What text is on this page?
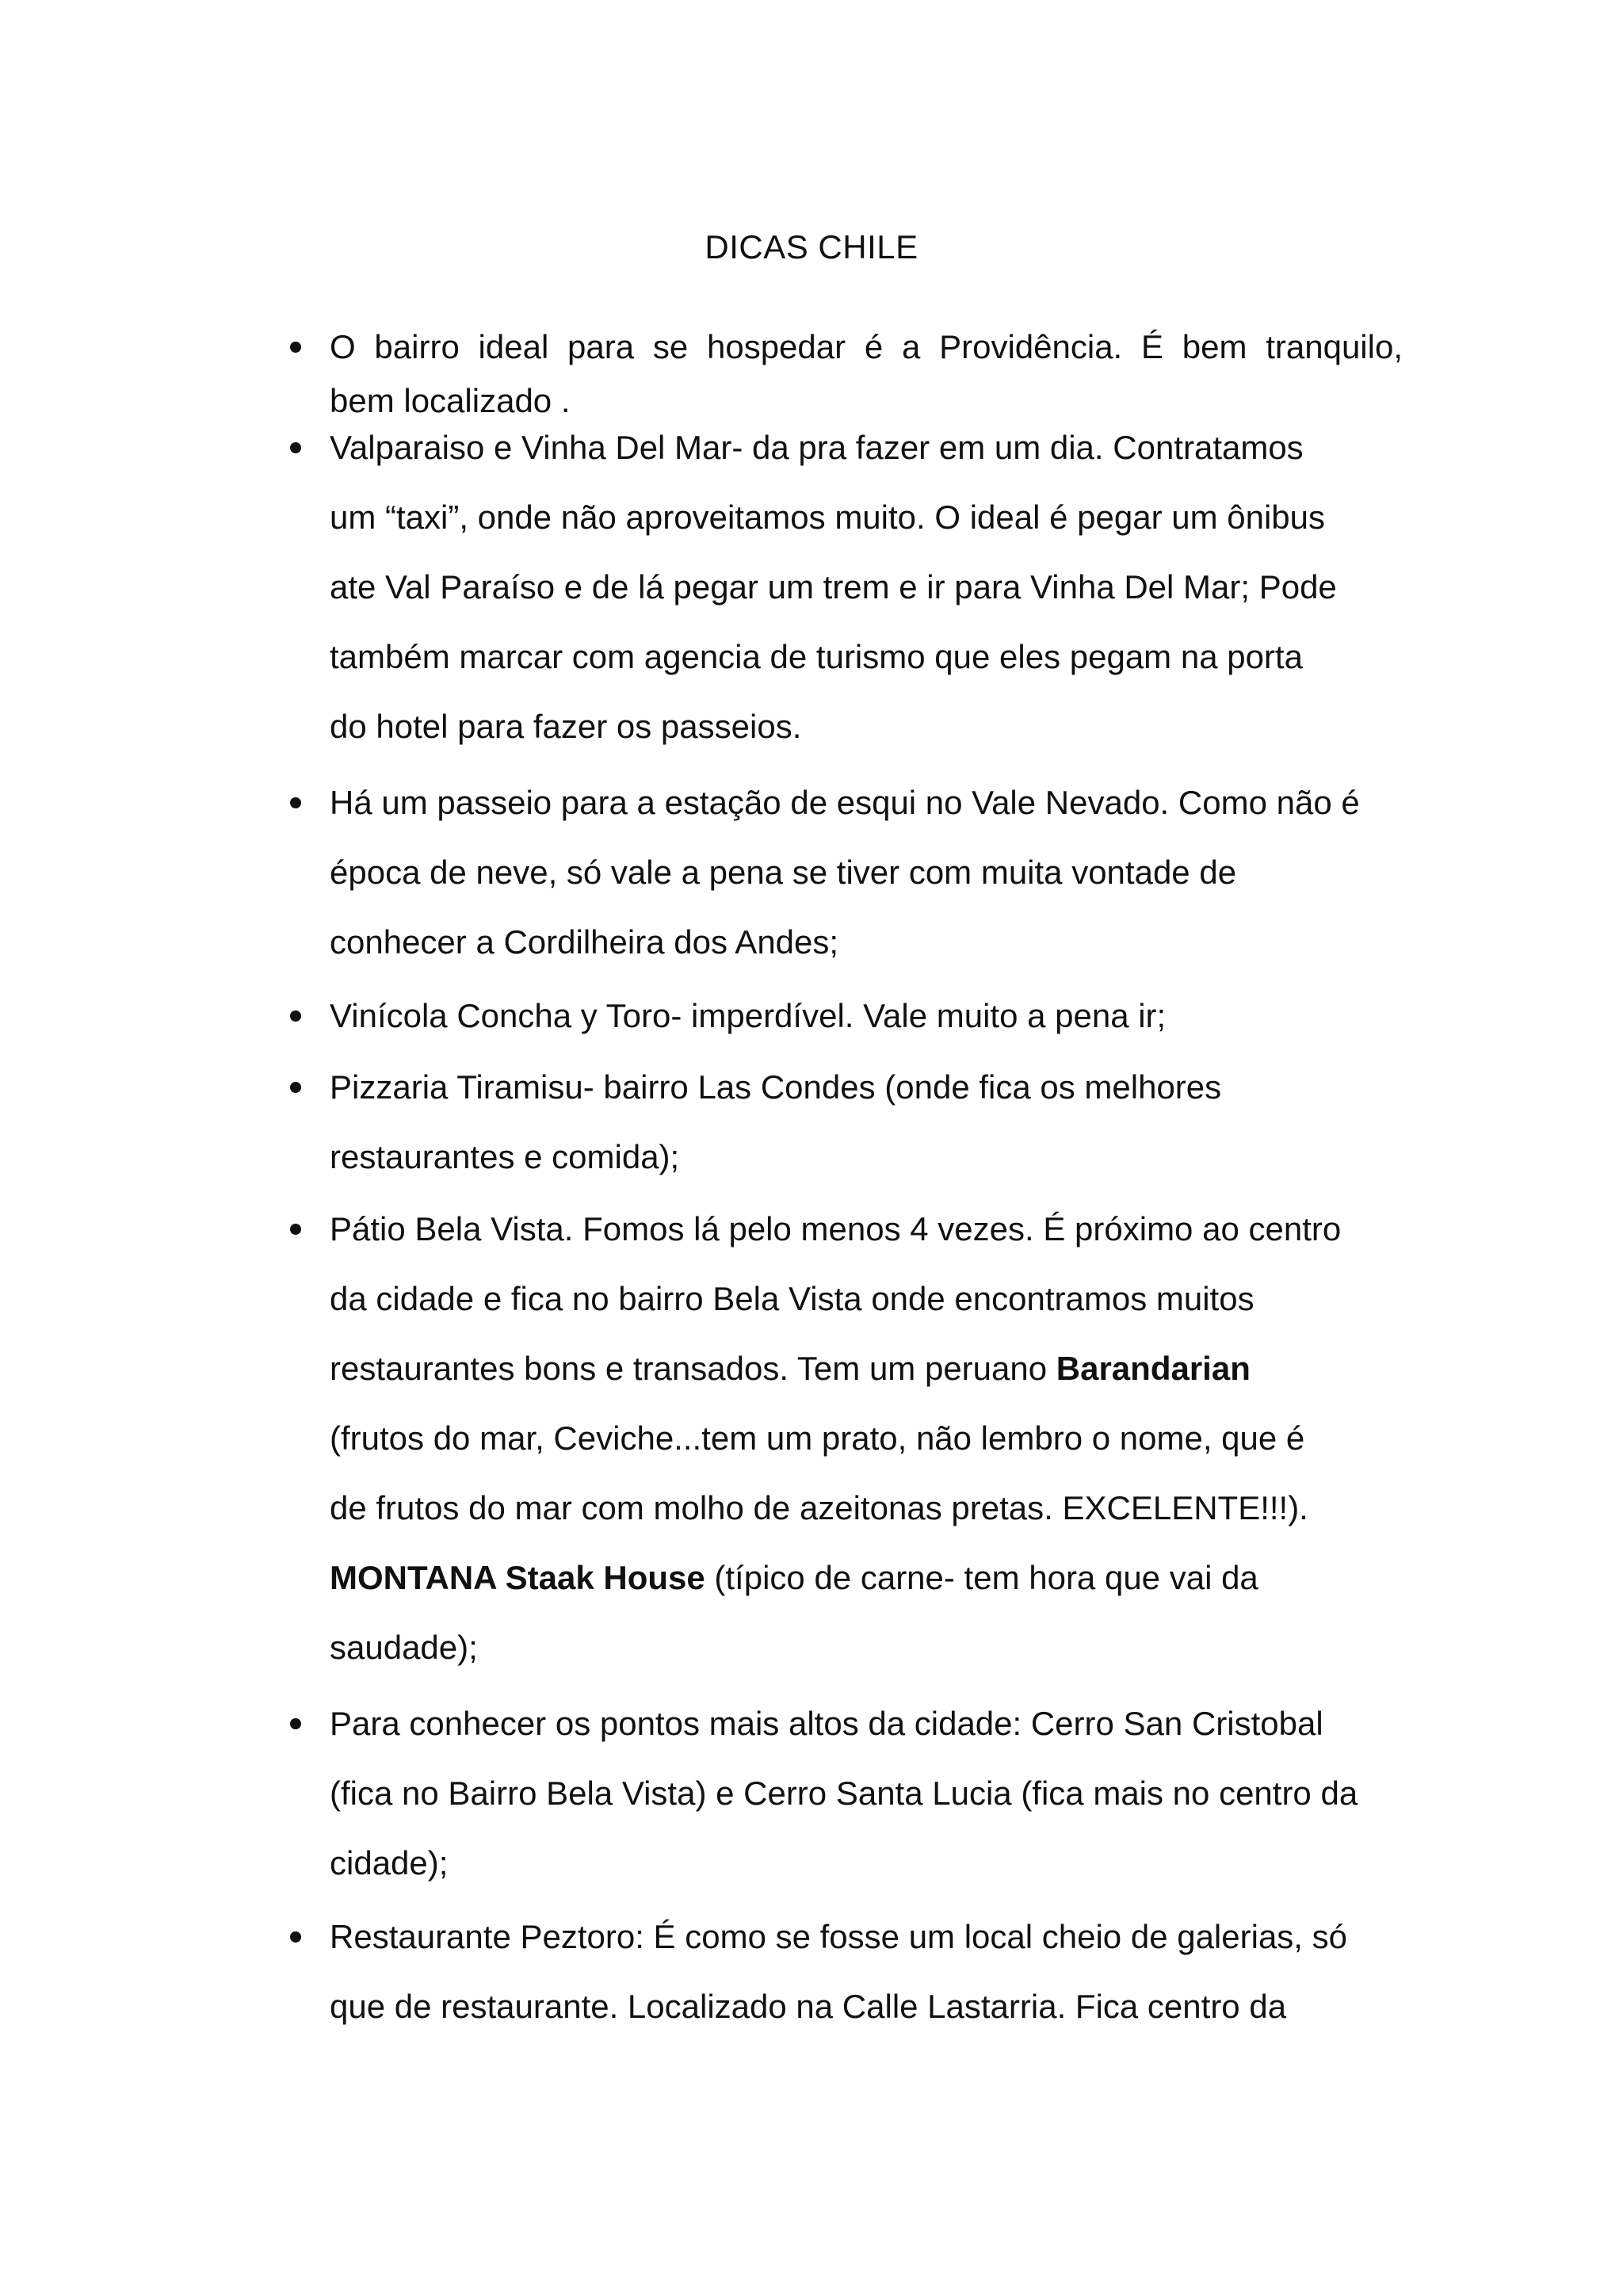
DICAS CHILE

O bairro ideal para se hospedar é a Providência. É bem tranquilo,
bem localizado .

Valparaiso e Vinha Del Mar- da pra fazer em um dia. Contratamos
um “taxi”, onde não aproveitamos muito. O ideal é pegar um ônibus
ate Val Paraíso e de lá pegar um trem e ir para Vinha Del Mar; Pode
também marcar com agencia de turismo que eles pegam na porta
do hotel para fazer os passeios.

Há um passeio para a estação de esqui no Vale Nevado. Como não é
época de neve, só vale a pena se tiver com muita vontade de
conhecer a Cordilheira dos Andes;

Vinícola Concha y Toro- imperdível. Vale muito a pena ir;

Pizzaria Tiramisu- bairro Las Condes (onde fica os melhores
restaurantes e comida);

Pátio Bela Vista. Fomos lá pelo menos 4 vezes. É próximo ao centro
da cidade e fica no bairro Bela Vista onde encontramos muitos
restaurantes bons e transados. Tem um peruano Barandarian
(frutos do mar, Ceviche...tem um prato, não lembro o nome, que é
de frutos do mar com molho de azeitonas pretas. EXCELENTE!!!).
MONTANA Staak House (típico de carne- tem hora que vai da
saudade);

Para conhecer os pontos mais altos da cidade: Cerro San Cristobal
(fica no Bairro Bela Vista) e Cerro Santa Lucia (fica mais no centro da
cidade);

Restaurante Peztoro: É como se fosse um local cheio de galerias, só
que de restaurante. Localizado na Calle Lastarria. Fica centro da
